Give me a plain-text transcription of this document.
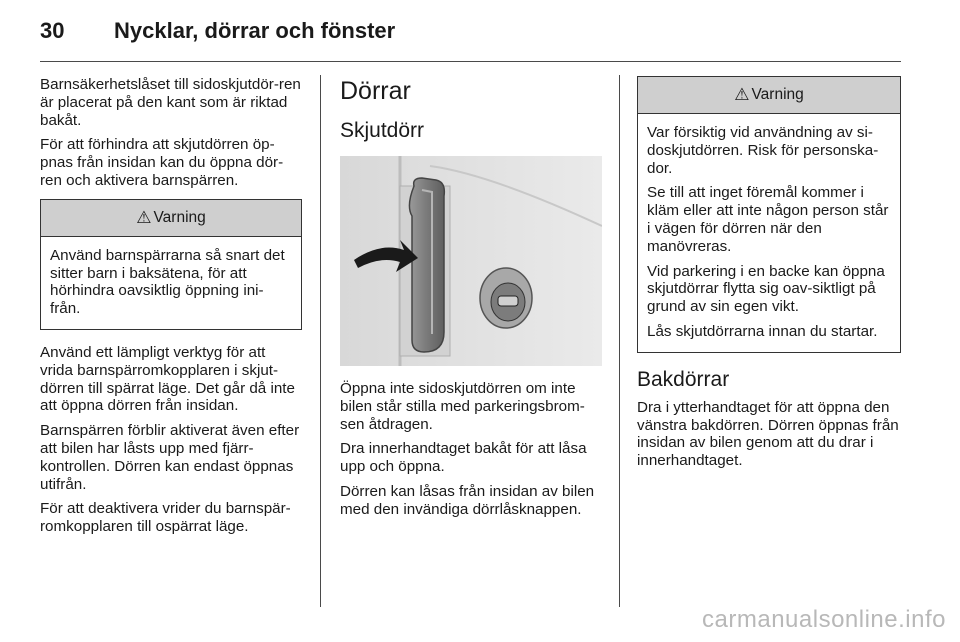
30	Nycklar, dörrar och fönster

Barnsäkerhetslåset till sidoskjutdör-ren är placerat på den kant som är riktad bakåt.

För att förhindra att skjutdörren öp-pnas från insidan kan du öppna dör-ren och aktivera barnspärren.

⚠ Varning

Använd barnspärrarna så snart det sitter barn i baksätena, för att hörhindra oavsiktlig öppning ini-från.

Använd ett lämpligt verktyg för att vrida barnspärromkopplaren i skjut-dörren till spärrat läge. Det går då inte att öppna dörren från insidan.

Barnspärren förblir aktiverat även efter att bilen har låsts upp med fjärr-kontrollen. Dörren kan endast öppnas utifrån.

För att deaktivera vrider du barnspär-romkopplaren till ospärrat läge.

Dörrar
Skjutdörr

Öppna inte sidoskjutdörren om inte bilen står stilla med parkeringsbrom-sen åtdragen.

Dra innerhandtaget bakåt för att låsa upp och öppna.

Dörren kan låsas från insidan av bilen med den invändiga dörrlåsknappen.

⚠ Varning

Var försiktig vid användning av si-doskjutdörren. Risk för personska-dor.

Se till att inget föremål kommer i kläm eller att inte någon person står i vägen för dörren när den manövreras.

Vid parkering i en backe kan öppna skjutdörrar flytta sig oav-siktligt på grund av sin egen vikt.

Lås skjutdörrarna innan du startar.

Bakdörrar

Dra i ytterhandtaget för att öppna den vänstra bakdörren. Dörren öppnas från insidan av bilen genom att du drar i innerhandtaget.

carmanualsonline.info
